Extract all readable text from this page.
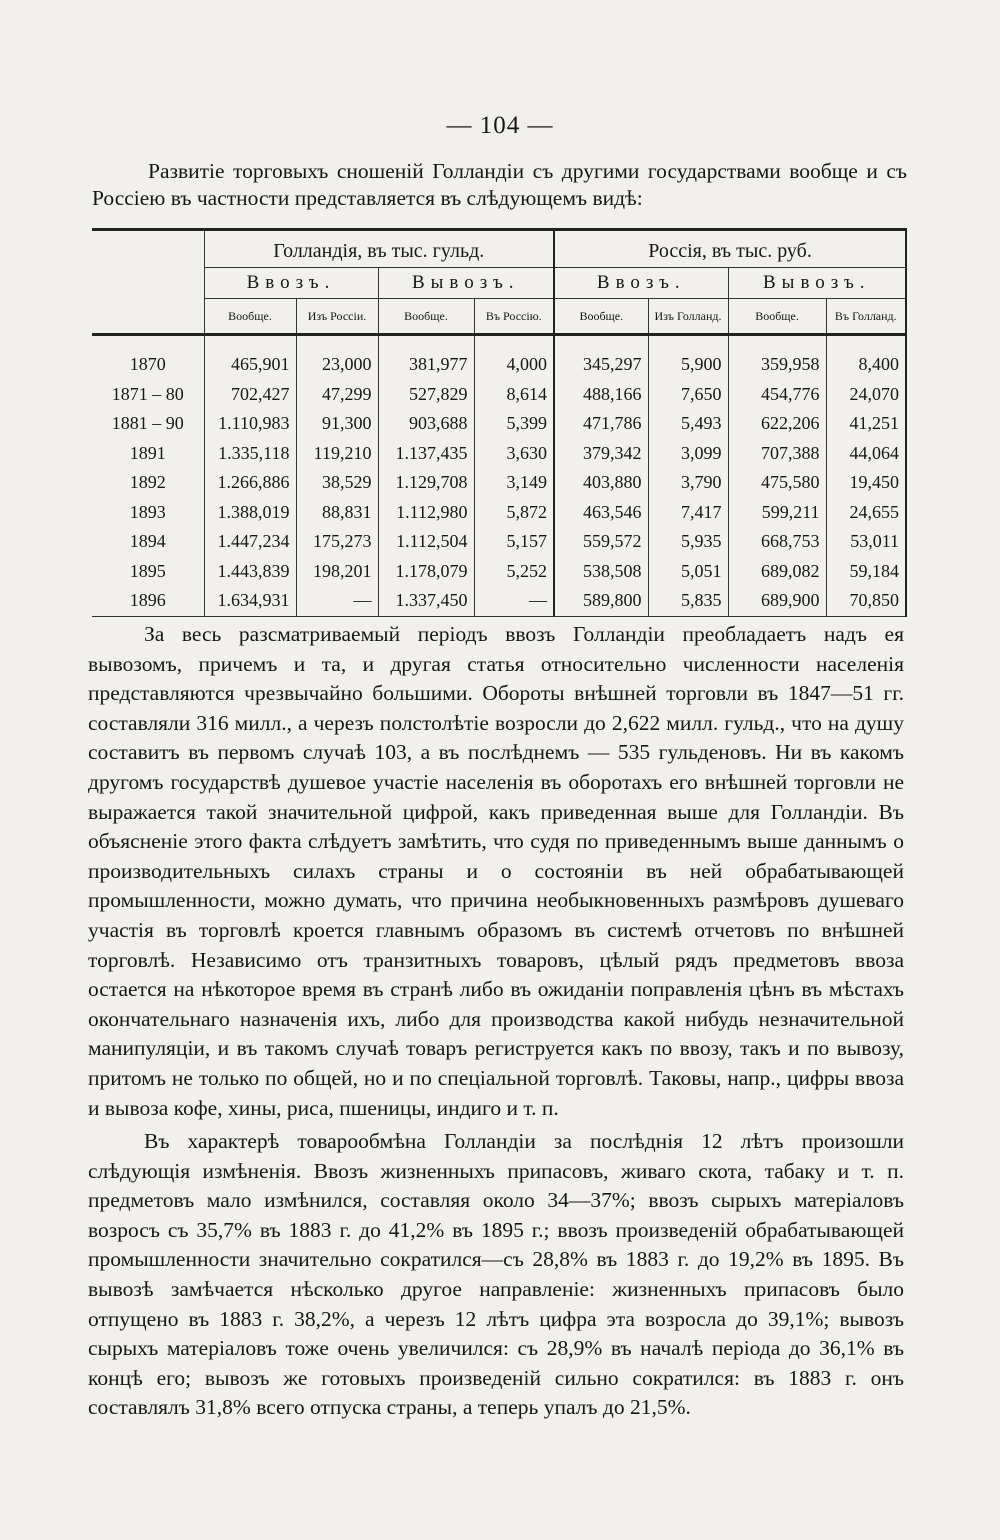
— 104 —

Развитіе торговыхъ сношеній Голландіи съ другими государствами вообще и съ Россіею въ частности представляется въ слѣдующемъ видѣ:

	Голландія, въ тыс. гульд.				Россія, въ тыс. руб.			
	Ввозъ.		Вывозъ.		Ввозъ.		Вывозъ.	
	Вообще.	Изъ Россіи.	Вообще.	Въ Россію.	Вообще.	Изъ Голланд.	Вообще.	Въ Голланд.

1870	465,901	23,000	381,977	4,000	345,297	5,900	359,958	8,400
1871 – 80	702,427	47,299	527,829	8,614	488,166	7,650	454,776	24,070
1881 – 90	1.110,983	91,300	903,688	5,399	471,786	5,493	622,206	41,251
1891	1.335,118	119,210	1.137,435	3,630	379,342	3,099	707,388	44,064
1892	1.266,886	38,529	1.129,708	3,149	403,880	3,790	475,580	19,450
1893	1.388,019	88,831	1.112,980	5,872	463,546	7,417	599,211	24,655
1894	1.447,234	175,273	1.112,504	5,157	559,572	5,935	668,753	53,011
1895	1.443,839	198,201	1.178,079	5,252	538,508	5,051	689,082	59,184
1896	1.634,931	—	1.337,450	—	589,800	5,835	689,900	70,850

За весь разсматриваемый періодъ ввозъ Голландіи преобладаетъ надъ ея вывозомъ, причемъ и та, и другая статья относительно численности населенія представляются чрезвычайно большими. Обороты внѣшней торговли въ 1847—51 гг. составляли 316 милл., а черезъ полстолѣтіе возросли до 2,622 милл. гульд., что на душу составитъ въ первомъ случаѣ 103, а въ послѣднемъ — 535 гульденовъ. Ни въ какомъ другомъ государствѣ душевое участіе населенія въ оборотахъ его внѣшней торговли не выражается такой значительной цифрой, какъ приведенная выше для Голландіи. Въ объясненіе этого факта слѣдуетъ замѣтить, что судя по приведеннымъ выше даннымъ о производительныхъ силахъ страны и о состояніи въ ней обрабатывающей промышленности, можно думать, что причина необыкновенныхъ размѣровъ душеваго участія въ торговлѣ кроется главнымъ образомъ въ системѣ отчетовъ по внѣшней торговлѣ. Независимо отъ транзитныхъ товаровъ, цѣлый рядъ предметовъ ввоза остается на нѣкоторое время въ странѣ либо въ ожиданіи поправленія цѣнъ въ мѣстахъ окончательнаго назначенія ихъ, либо для производства какой нибудь незначительной манипуляціи, и въ такомъ случаѣ товаръ региструется какъ по ввозу, такъ и по вывозу, притомъ не только по общей, но и по спеціальной торговлѣ. Таковы, напр., цифры ввоза и вывоза кофе, хины, риса, пшеницы, индиго и т. п.

Въ характерѣ товарообмѣна Голландіи за послѣднія 12 лѣтъ произошли слѣдующія измѣненія. Ввозъ жизненныхъ припасовъ, живаго скота, табаку и т. п. предметовъ мало измѣнился, составляя около 34—37%; ввозъ сырыхъ матеріаловъ возросъ съ 35,7% въ 1883 г. до 41,2% въ 1895 г.; ввозъ произведеній обрабатывающей промышленности значительно сократился—съ 28,8% въ 1883 г. до 19,2% въ 1895. Въ вывозѣ замѣчается нѣсколько другое направленіе: жизненныхъ припасовъ было отпущено въ 1883 г. 38,2%, а черезъ 12 лѣтъ цифра эта возросла до 39,1%; вывозъ сырыхъ матеріаловъ тоже очень увеличился: съ 28,9% въ началѣ періода до 36,1% въ концѣ его; вывозъ же готовыхъ произведеній сильно сократился: въ 1883 г. онъ составлялъ 31,8% всего отпуска страны, а теперь упалъ до 21,5%.
